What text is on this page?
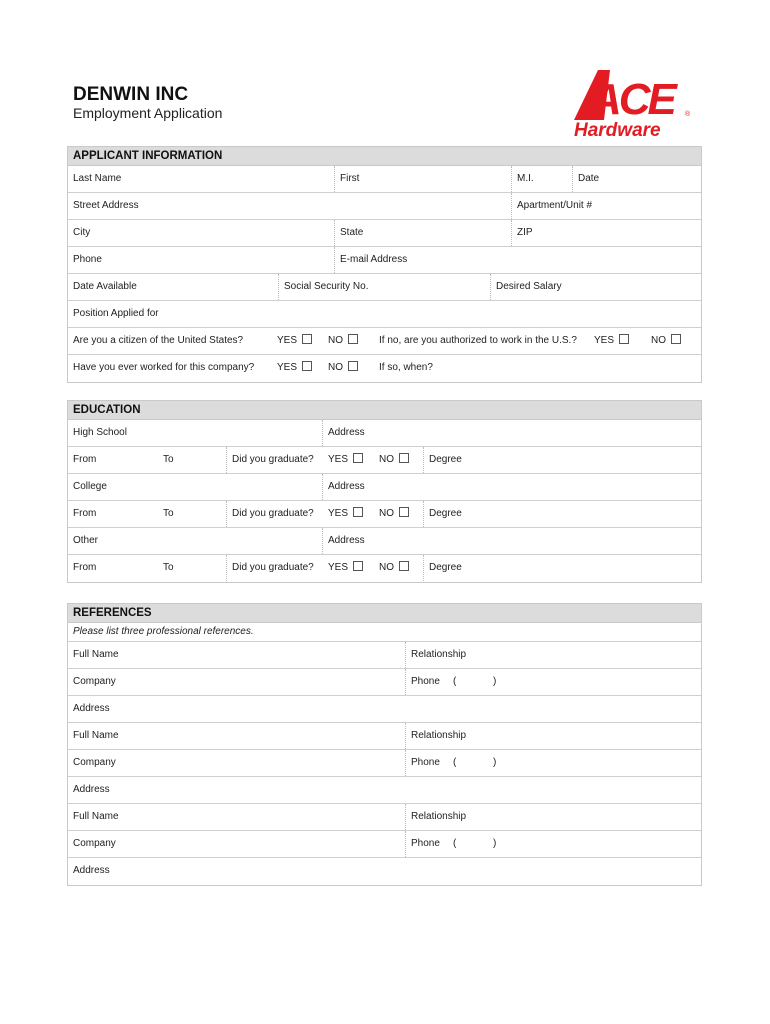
DENWIN INC
Employment Application	ACE	®
Hardware
APPLICANT INFORMATION
Last Name	First	M.I.	Date
Street Address	Apartment/Unit #
City	State	ZIP
Phone	E-mail Address
Date Available	Social Security No.	Desired Salary
Position Applied for
Are you a citizen of the United States?	YES	NO	If no, are you authorized to work in the U.S.? YES	NO
Have you ever worked for this company? YES	NO	If so, when?
EDUCATION
High School	Address
From	To	Did you graduate? YES	NO	Degree
College	Address
From	To	Did you graduate? YES	NO	Degree
Other	Address
From	To	Did you graduate? YES	NO	Degree
REFERENCES
Please list three professional references.
Full Name	Relationship
Company	Phone (	)
Address
Full Name	Relationship
Company	Phone (	)
Address
Full Name	Relationship
Company	Phone (	)
Address
